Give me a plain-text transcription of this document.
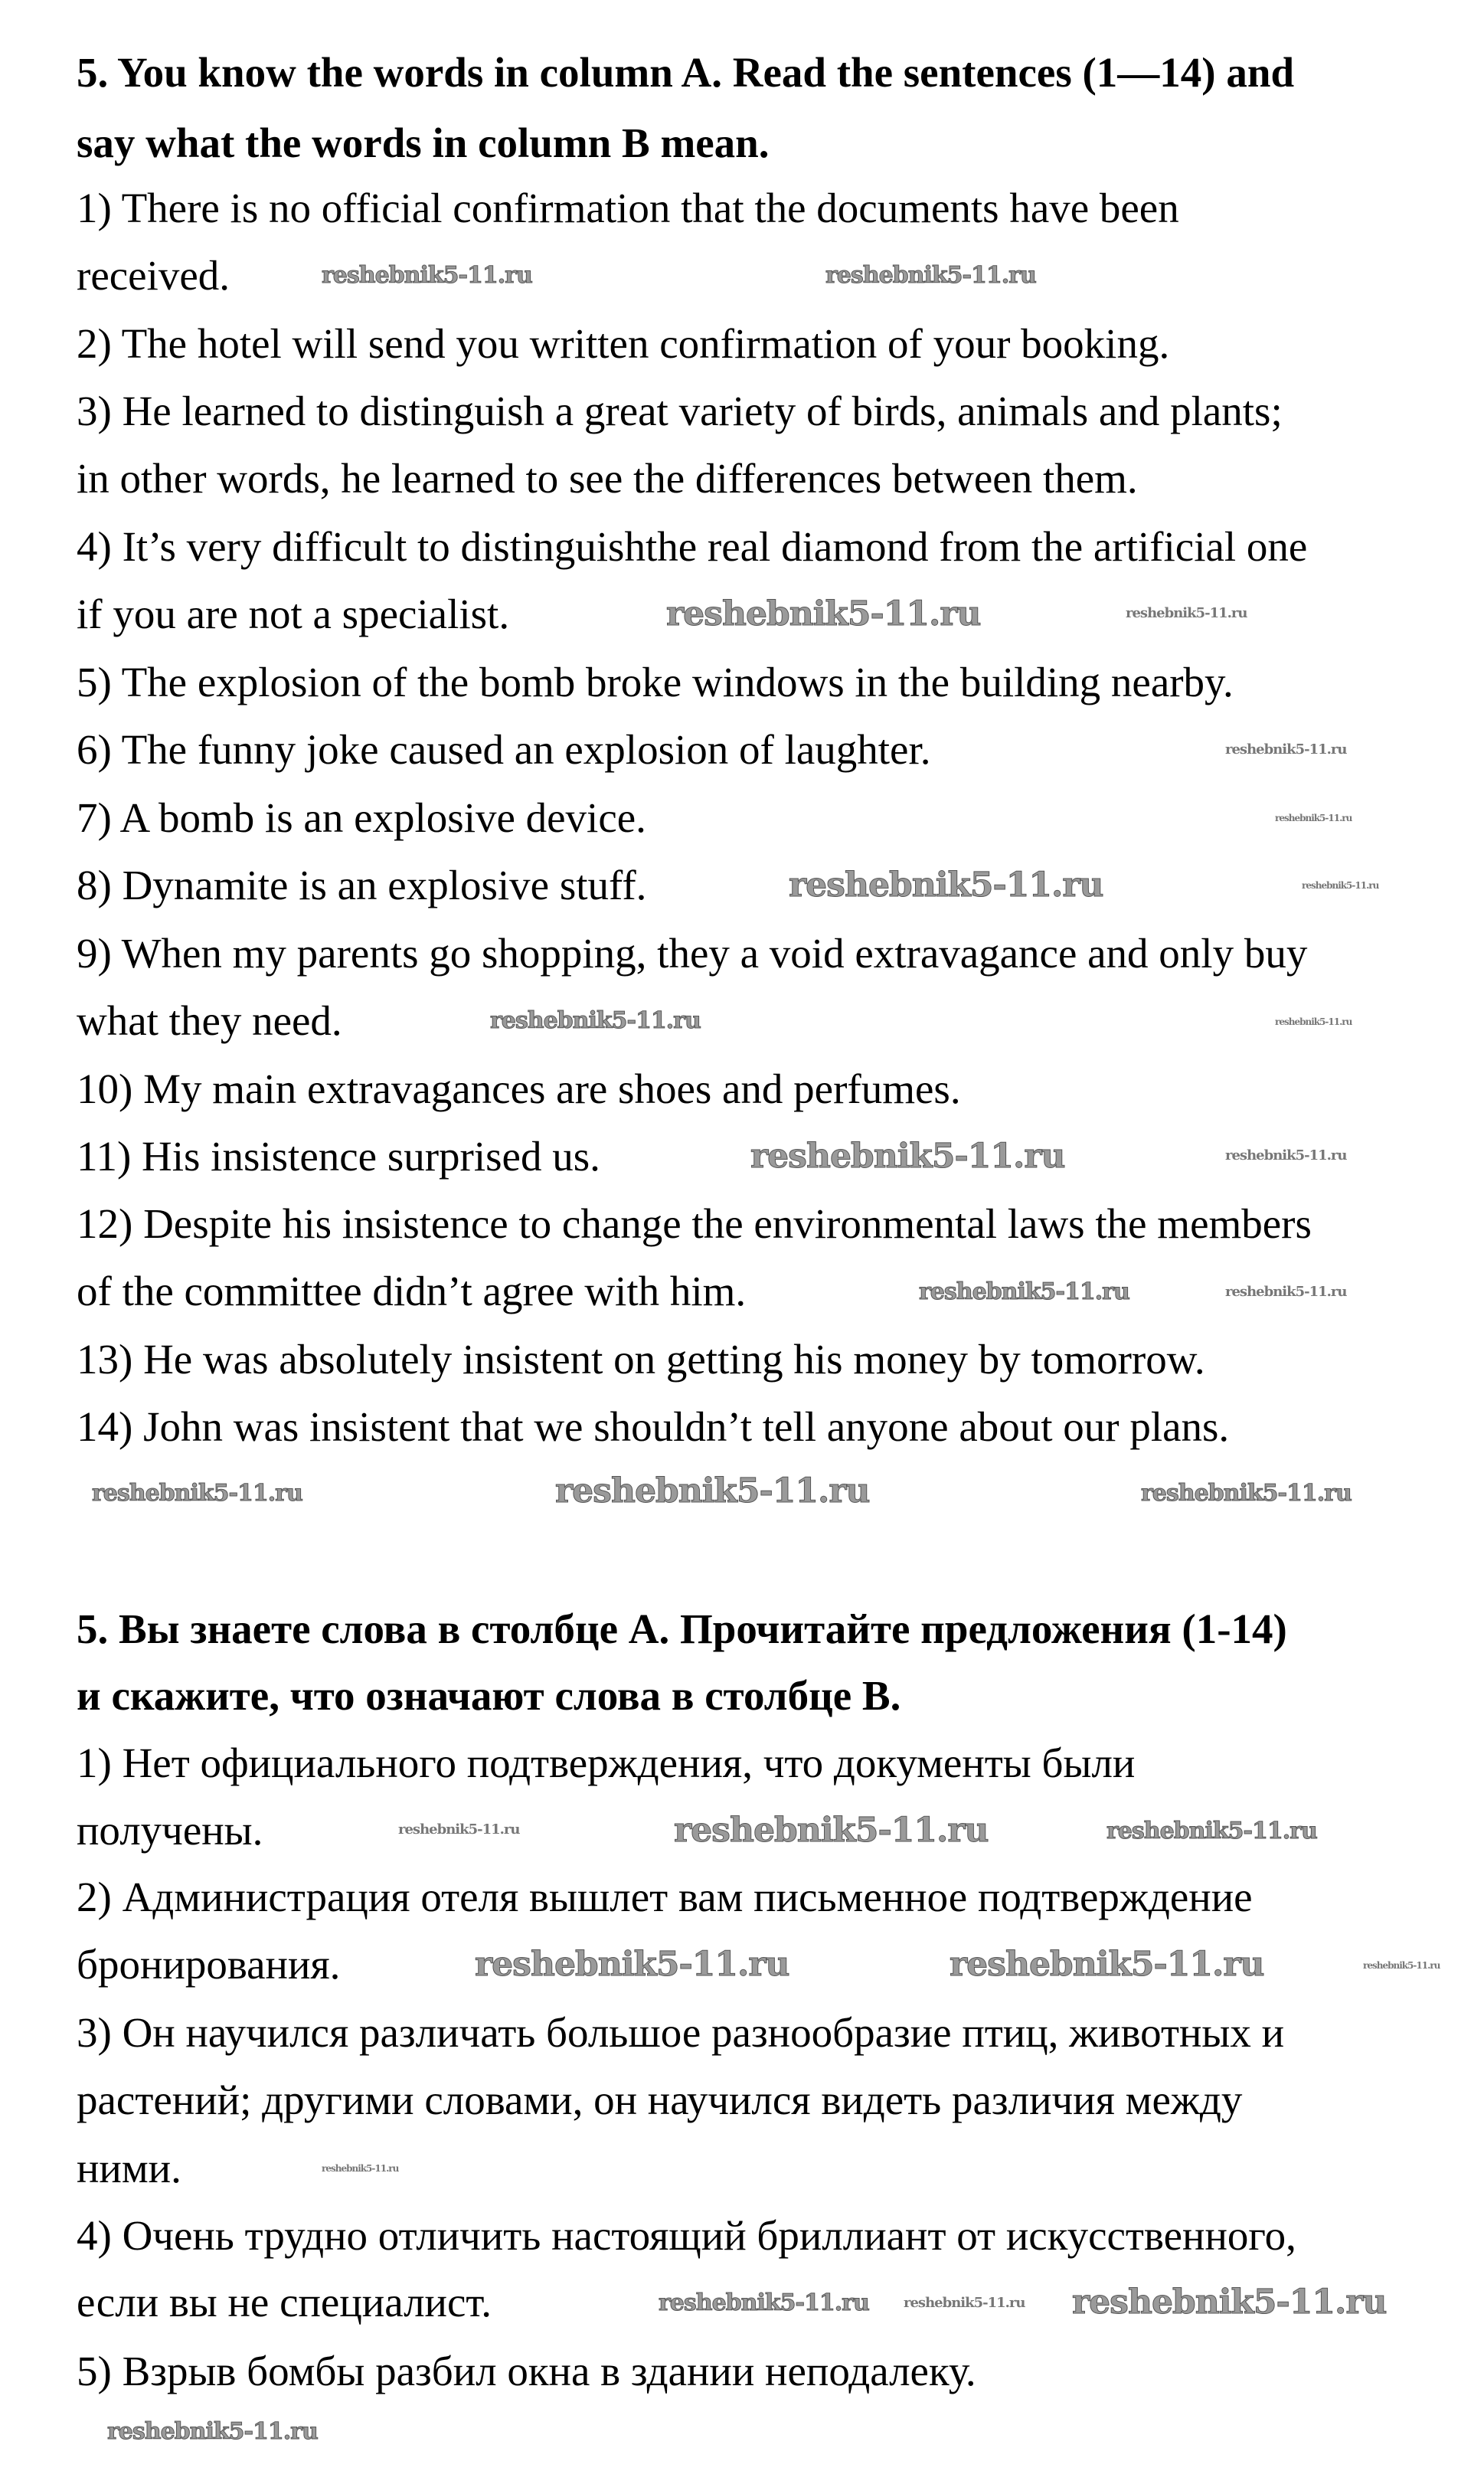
5. You know the words in column A. Read the sentences (1—14) and
say what the words in column B mean.
1) There is no official confirmation that the documents have been
received.
2) The hotel will send you written confirmation of your booking.
3) He learned to distinguish a great variety of birds, animals and plants;
in other words, he learned to see the differences between them.
4) It’s very difficult to distinguishthe real diamond from the artificial one
if you are not a specialist.
5) The explosion of the bomb broke windows in the building nearby.
6) The funny joke caused an explosion of laughter.
7) A bomb is an explosive device.
8) Dynamite is an explosive stuff.
9) When my parents go shopping, they a void extravagance and only buy
what they need.
10) My main extravagances are shoes and perfumes.
11) His insistence surprised us.
12) Despite his insistence to change the environmental laws the members
of the committee didn’t agree with him.
13) He was absolutely insistent on getting his money by tomorrow.
14) John was insistent that we shouldn’t tell anyone about our plans.
5. Вы знаете слова в столбце А. Прочитайте предложения (1-14)
и скажите, что означают слова в столбце В.
1) Нет официального подтверждения, что документы были
получены.
2) Администрация отеля вышлет вам письменное подтверждение
бронирования.
3) Он научился различать большое разнообразие птиц, животных и
растений; другими словами, он научился видеть различия между
ними.
4) Очень трудно отличить настоящий бриллиант от искусственного,
если вы не специалист.
5) Взрыв бомбы разбил окна в здании неподалеку.
reshebnik5-11.ru	reshebnik5-11.ru
reshebnik5-11.ru	reshebnik5-11.ru
reshebnik5-11.ru
reshebnik5-11.ru
reshebnik5-11.ru	reshebnik5-11.ru
reshebnik5-11.ru	reshebnik5-11.ru
reshebnik5-11.ru	reshebnik5-11.ru
reshebnik5-11.ru	reshebnik5-11.ru
reshebnik5-11.ru	reshebnik5-11.ru	reshebnik5-11.ru
reshebnik5-11.ru	reshebnik5-11.ru	reshebnik5-11.ru
reshebnik5-11.ru	reshebnik5-11.ru	reshebnik5-11.ru
reshebnik5-11.ru
reshebnik5-11.ru	reshebnik5-11.ru reshebnik5-11.ru
reshebnik5-11.ru
